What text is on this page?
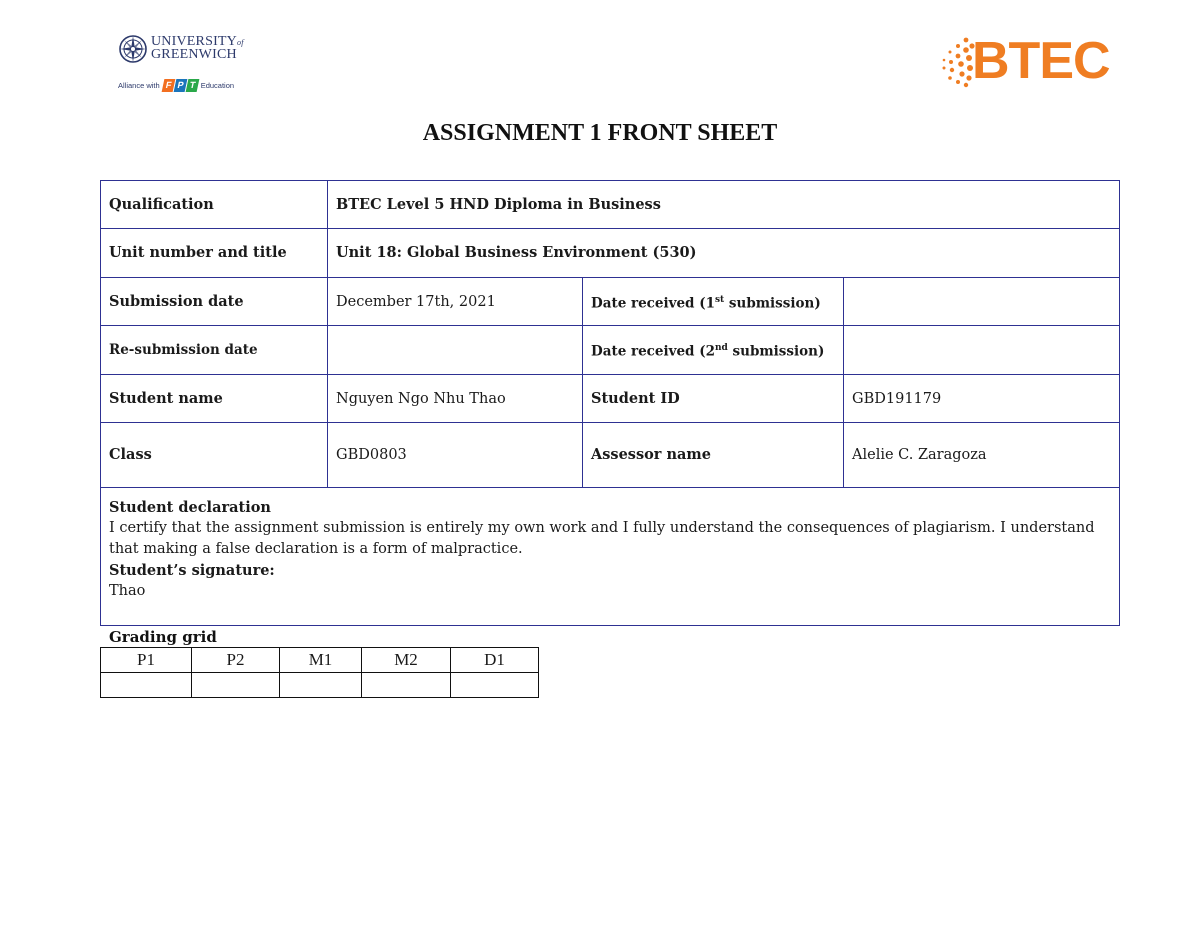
UNIVERSITYof
GREENWICH
Alliance with F P T Education	BTEC
ASSIGNMENT 1 FRONT SHEET
Qualification	BTEC Level 5 HND Diploma in Business		
Unit number and title	Unit 18: Global Business Environment (530)		
Submission date	December 17th, 2021	Date received (1st submission)	
Re-submission date		Date received (2nd submission)	
Student name	Nguyen Ngo Nhu Thao	Student ID	GBD191179
Class	GBD0803	Assessor name	Alelie C. Zaragoza

Student declaration
I certify that the assignment submission is entirely my own work and I fully understand the consequences of plagiarism. I understand that making a false declaration is a form of malpractice.
Student’s signature:
Thao			
Grading grid
P1	P2	M1	M2	D1
